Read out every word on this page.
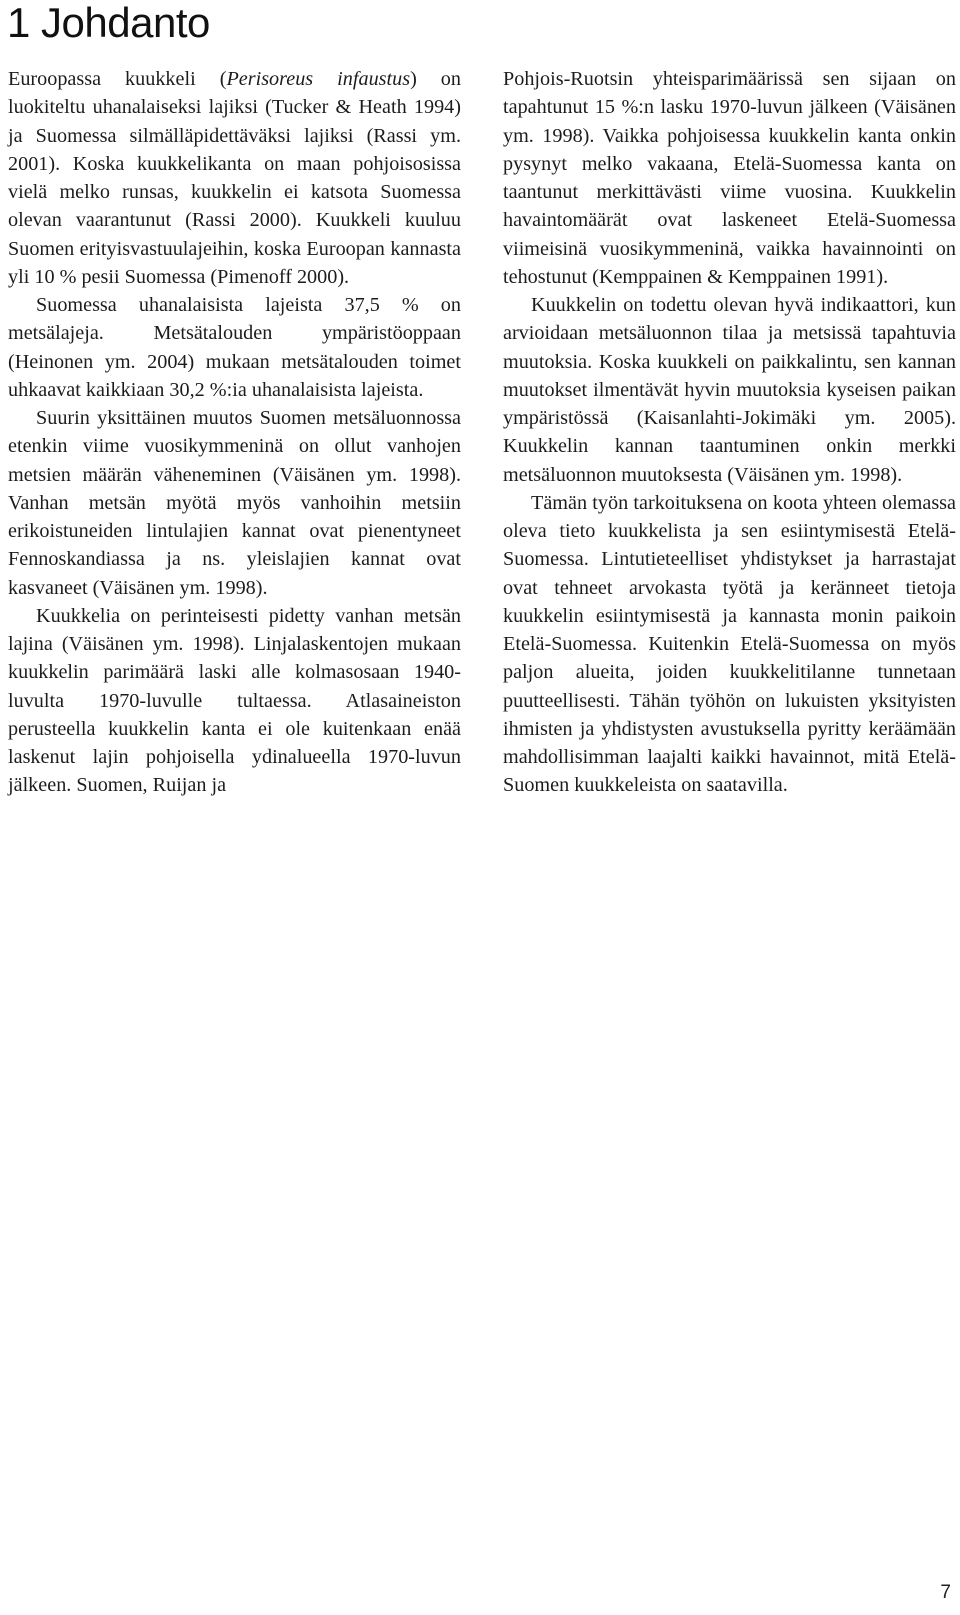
1 Johdanto

Euroopassa kuukkeli (Perisoreus infaustus) on luokiteltu uhanalaiseksi lajiksi (Tucker & Heath 1994) ja Suomessa silmälläpidettäväksi lajiksi (Rassi ym. 2001). Koska kuukkelikanta on maan pohjoisosissa vielä melko runsas, kuukkelin ei katsota Suomessa olevan vaarantunut (Rassi 2000). Kuukkeli kuuluu Suomen erityisvastuulajeihin, koska Euroopan kannasta yli 10 % pesii Suomessa (Pimenoff 2000).

Suomessa uhanalaisista lajeista 37,5 % on metsälajeja. Metsätalouden ympäristöoppaan (Heinonen ym. 2004) mukaan metsätalouden toimet uhkaavat kaikkiaan 30,2 %:ia uhanalaisista lajeista.

Suurin yksittäinen muutos Suomen metsäluonnossa etenkin viime vuosikymmeninä on ollut vanhojen metsien määrän väheneminen (Väisänen ym. 1998). Vanhan metsän myötä myös vanhoihin metsiin erikoistuneiden lintulajien kannat ovat pienentyneet Fennoskandiassa ja ns. yleislajien kannat ovat kasvaneet (Väisänen ym. 1998).

Kuukkelia on perinteisesti pidetty vanhan metsän lajina (Väisänen ym. 1998). Linjalaskentojen mukaan kuukkelin parimäärä laski alle kolmasosaan 1940-luvulta 1970-luvulle tultaessa. Atlasaineiston perusteella kuukkelin kanta ei ole kuitenkaan enää laskenut lajin pohjoisella ydinalueella 1970-luvun jälkeen. Suomen, Ruijan ja

Pohjois-Ruotsin yhteisparimäärissä sen sijaan on tapahtunut 15 %:n lasku 1970-luvun jälkeen (Väisänen ym. 1998). Vaikka pohjoisessa kuukkelin kanta onkin pysynyt melko vakaana, Etelä-Suomessa kanta on taantunut merkittävästi viime vuosina. Kuukkelin havaintomäärät ovat laskeneet Etelä-Suomessa viimeisinä vuosikymmeninä, vaikka havainnointi on tehostunut (Kemppainen & Kemppainen 1991).

Kuukkelin on todettu olevan hyvä indikaattori, kun arvioidaan metsäluonnon tilaa ja metsissä tapahtuvia muutoksia. Koska kuukkeli on paikkalintu, sen kannan muutokset ilmentävät hyvin muutoksia kyseisen paikan ympäristössä (Kaisanlahti-Jokimäki ym. 2005). Kuukkelin kannan taantuminen onkin merkki metsäluonnon muutoksesta (Väisänen ym. 1998).

Tämän työn tarkoituksena on koota yhteen olemassa oleva tieto kuukkelista ja sen esiintymisestä Etelä-Suomessa. Lintutieteelliset yhdistykset ja harrastajat ovat tehneet arvokasta työtä ja keränneet tietoja kuukkelin esiintymisestä ja kannasta monin paikoin Etelä-Suomessa. Kuitenkin Etelä-Suomessa on myös paljon alueita, joiden kuukkelitilanne tunnetaan puutteellisesti. Tähän työhön on lukuisten yksityisten ihmisten ja yhdistysten avustuksella pyritty keräämään mahdollisimman laajalti kaikki havainnot, mitä Etelä-Suomen kuukkeleista on saatavilla.

7
